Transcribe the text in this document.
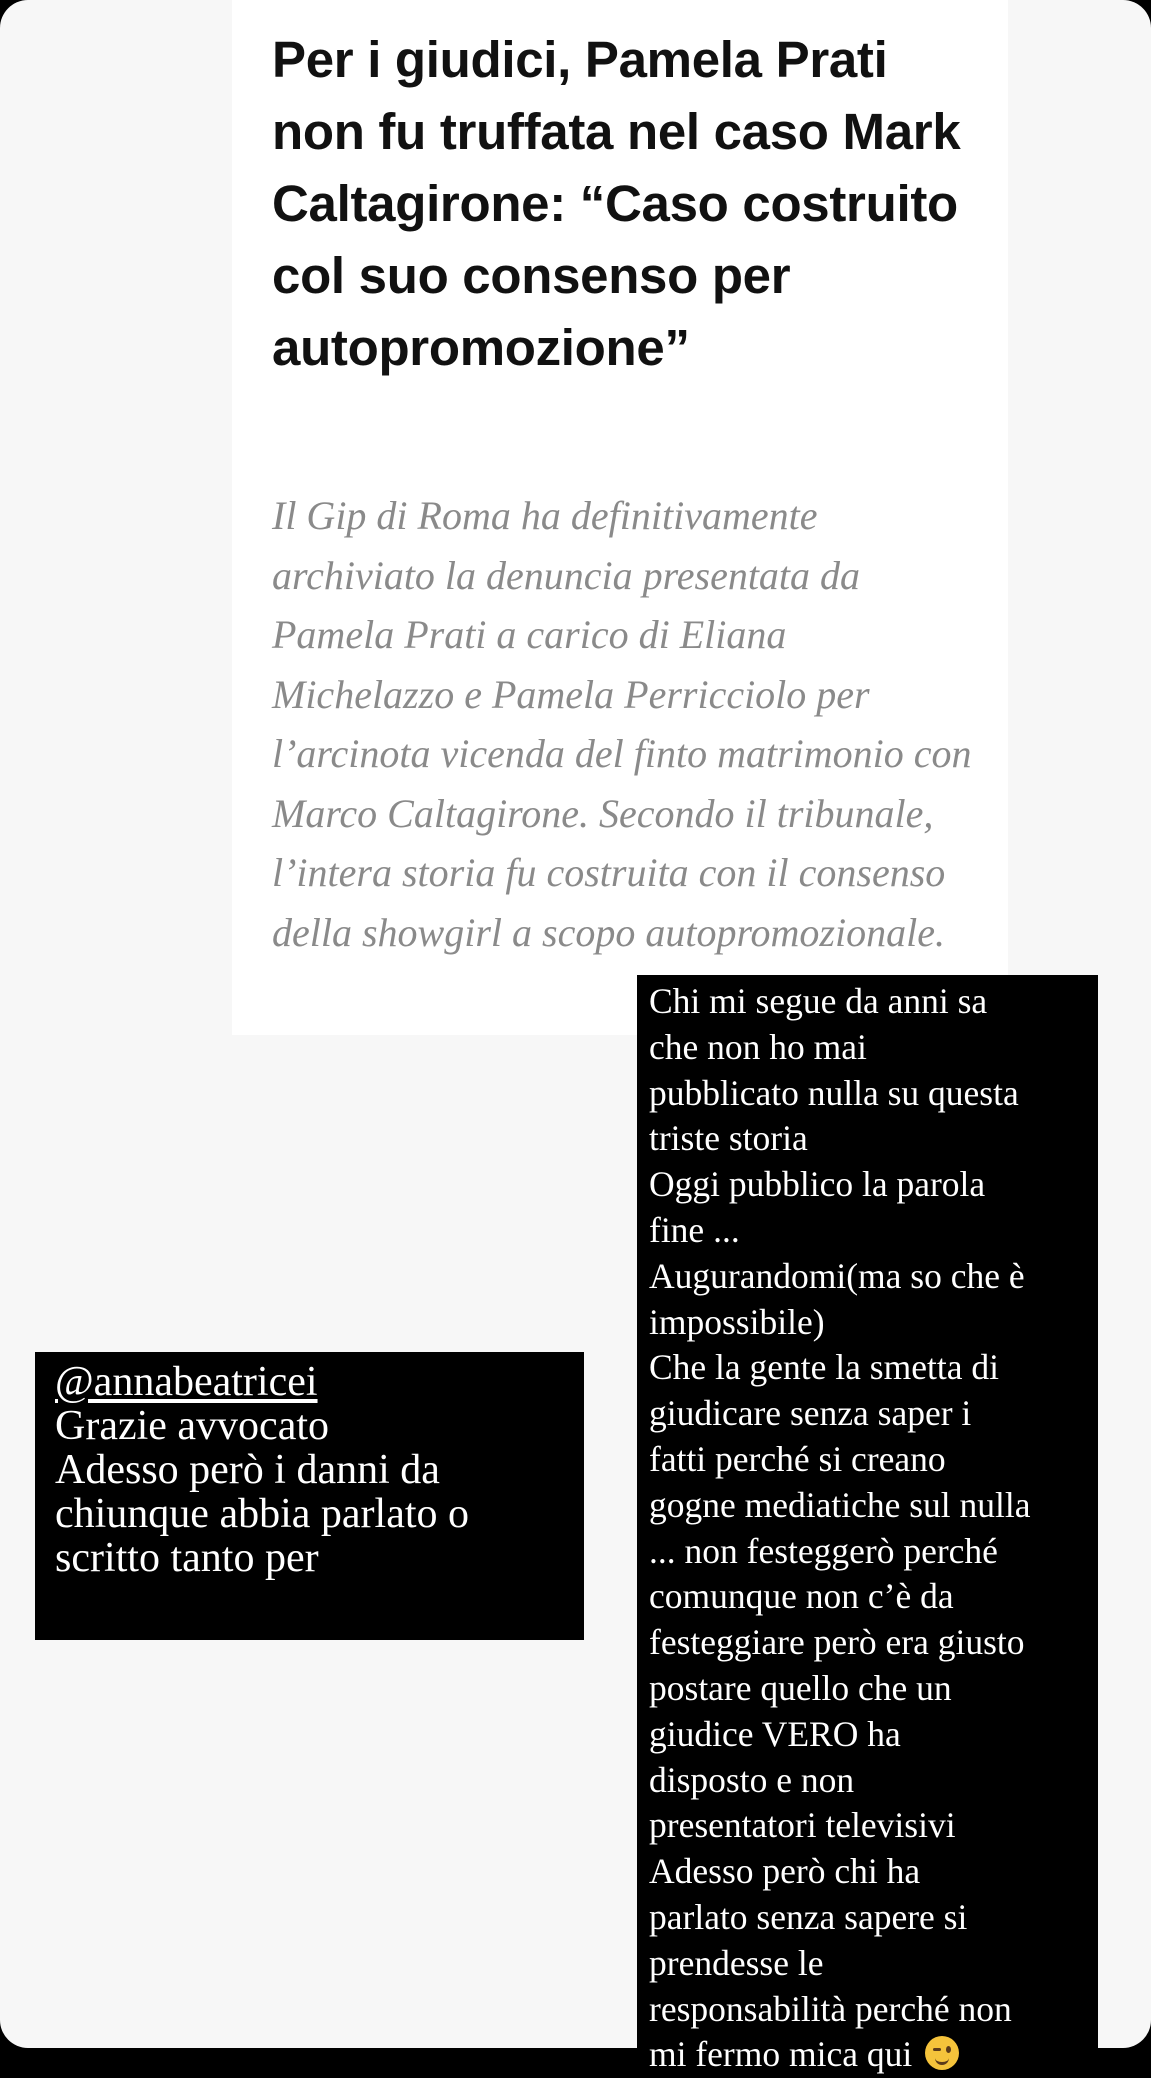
Per i giudici, Pamela Prati non fu truffata nel caso Mark Caltagirone: “Caso costruito col suo consenso per autopromozione”

Il Gip di Roma ha definitivamente archiviato la denuncia presentata da Pamela Prati a carico di Eliana Michelazzo e Pamela Perricciolo per l’arcinota vicenda del finto matrimonio con Marco Caltagirone. Secondo il tribunale, l’intera storia fu costruita con il consenso della showgirl a scopo autopromozionale.

@annabeatricei
Grazie avvocato
Adesso però i danni da
chiunque abbia parlato o
scritto tanto per
Chi mi segue da anni sa
che non ho mai
pubblicato nulla su questa
triste storia
Oggi pubblico la parola
fine ...
Augurandomi(ma so che è
impossibile)
Che la gente la smetta di
giudicare senza saper i
fatti perché si creano
gogne mediatiche sul nulla
... non festeggerò perché
comunque non c’è da
festeggiare però era giusto
postare quello che un
giudice VERO ha
disposto e non
presentatori televisivi
Adesso però chi ha
parlato senza sapere si
prendesse le
responsabilità perché non
mi fermo mica qui
